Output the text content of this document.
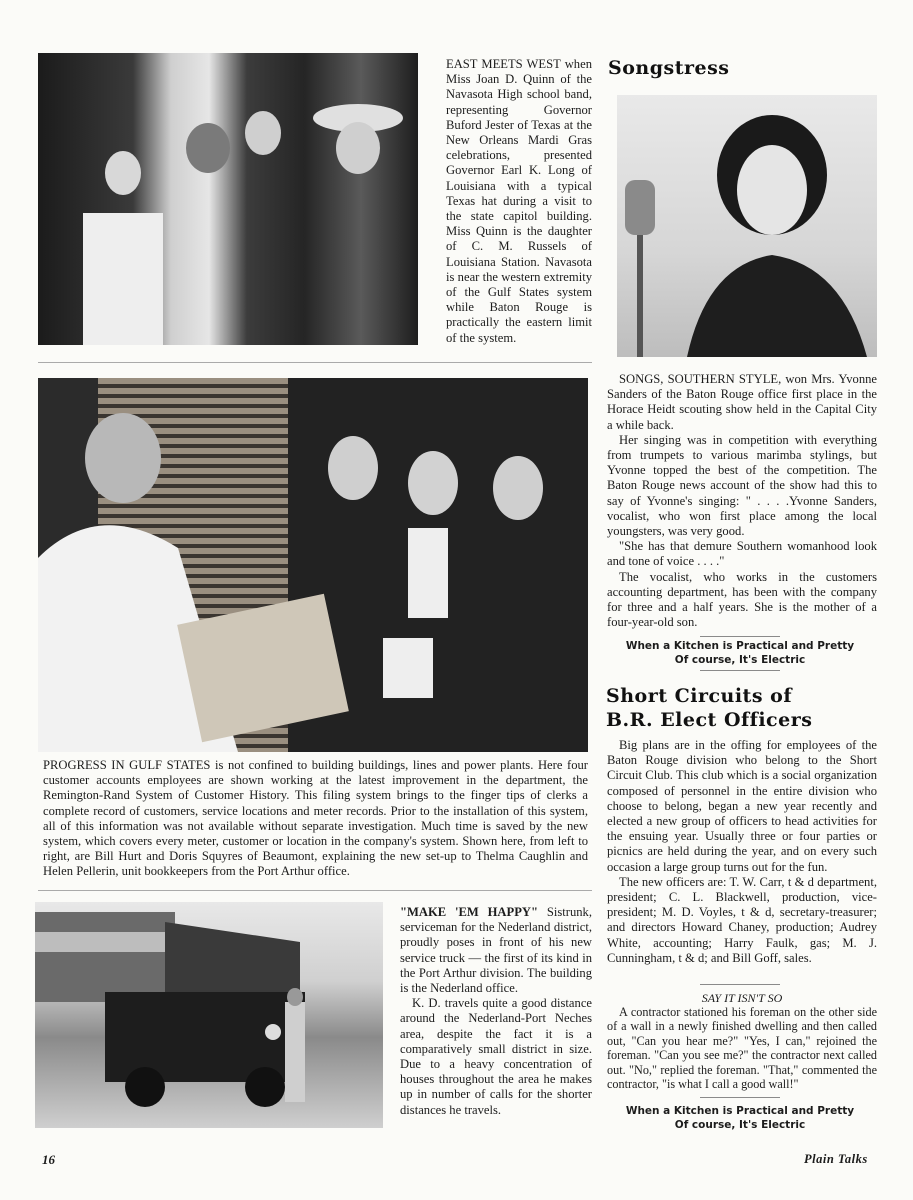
EAST MEETS WEST when Miss Joan D. Quinn of the Navasota High school band, representing Governor Buford Jester of Texas at the New Orleans Mardi Gras celebrations, presented Governor Earl K. Long of Louisiana with a typical Texas hat during a visit to the state capitol building. Miss Quinn is the daughter of C. M. Russels of Louisiana Station. Navasota is near the western extremity of the Gulf States system while Baton Rouge is practically the eastern limit of the system.

Songstress

SONGS, SOUTHERN STYLE, won Mrs. Yvonne Sanders of the Baton Rouge office first place in the Horace Heidt scouting show held in the Capital City a while back.

Her singing was in competition with everything from trumpets to various marimba stylings, but Yvonne topped the best of the competition. The Baton Rouge news account of the show had this to say of Yvonne's singing: " . . . .Yvonne Sanders, vocalist, who won first place among the local youngsters, was very good.

"She has that demure Southern womanhood look and tone of voice . . . ."

The vocalist, who works in the customers accounting department, has been with the company for three and a half years. She is the mother of a four-year-old son.

When a Kitchen is Practical and Pretty
Of course, It's Electric

PROGRESS IN GULF STATES is not confined to building buildings, lines and power plants. Here four customer accounts employees are shown working at the latest improvement in the department, the Remington-Rand System of Customer History. This filing system brings to the finger tips of clerks a complete record of customers, service locations and meter records. Prior to the installation of this system, all of this information was not available without separate investigation. Much time is saved by the new system, which covers every meter, customer or location in the company's system. Shown here, from left to right, are Bill Hurt and Doris Squyres of Beaumont, explaining the new set-up to Thelma Caughlin and Helen Pellerin, unit bookkeepers from the Port Arthur office.

"MAKE 'EM HAPPY" Sistrunk, serviceman for the Nederland district, proudly poses in front of his new service truck — the first of its kind in the Port Arthur division. The building is the Nederland office.

K. D. travels quite a good distance around the Nederland-Port Neches area, despite the fact it is a comparatively small district in size. Due to a heavy concentration of houses throughout the area he makes up in number of calls for the shorter distances he travels.

Short Circuits of
B.R. Elect Officers

Big plans are in the offing for employees of the Baton Rouge division who belong to the Short Circuit Club. This club which is a social organization composed of personnel in the entire division who choose to belong, began a new year recently and elected a new group of officers to head activities for the ensuing year. Usually three or four parties or picnics are held during the year, and on every such occasion a large group turns out for the fun.

The new officers are: T. W. Carr, t & d department, president; C. L. Blackwell, production, vice-president; M. D. Voyles, t & d, secretary-treasurer; and directors Howard Chaney, production; Audrey White, accounting; Harry Faulk, gas; M. J. Cunningham, t & d; and Bill Goff, sales.

SAY IT ISN'T SO

A contractor stationed his foreman on the other side of a wall in a newly finished dwelling and then called out, "Can you hear me?" "Yes, I can," rejoined the foreman. "Can you see me?" the contractor next called out. "No," replied the foreman. "That," commented the contractor, "is what I call a good wall!"

When a Kitchen is Practical and Pretty
Of course, It's Electric
16	Plain Talks
